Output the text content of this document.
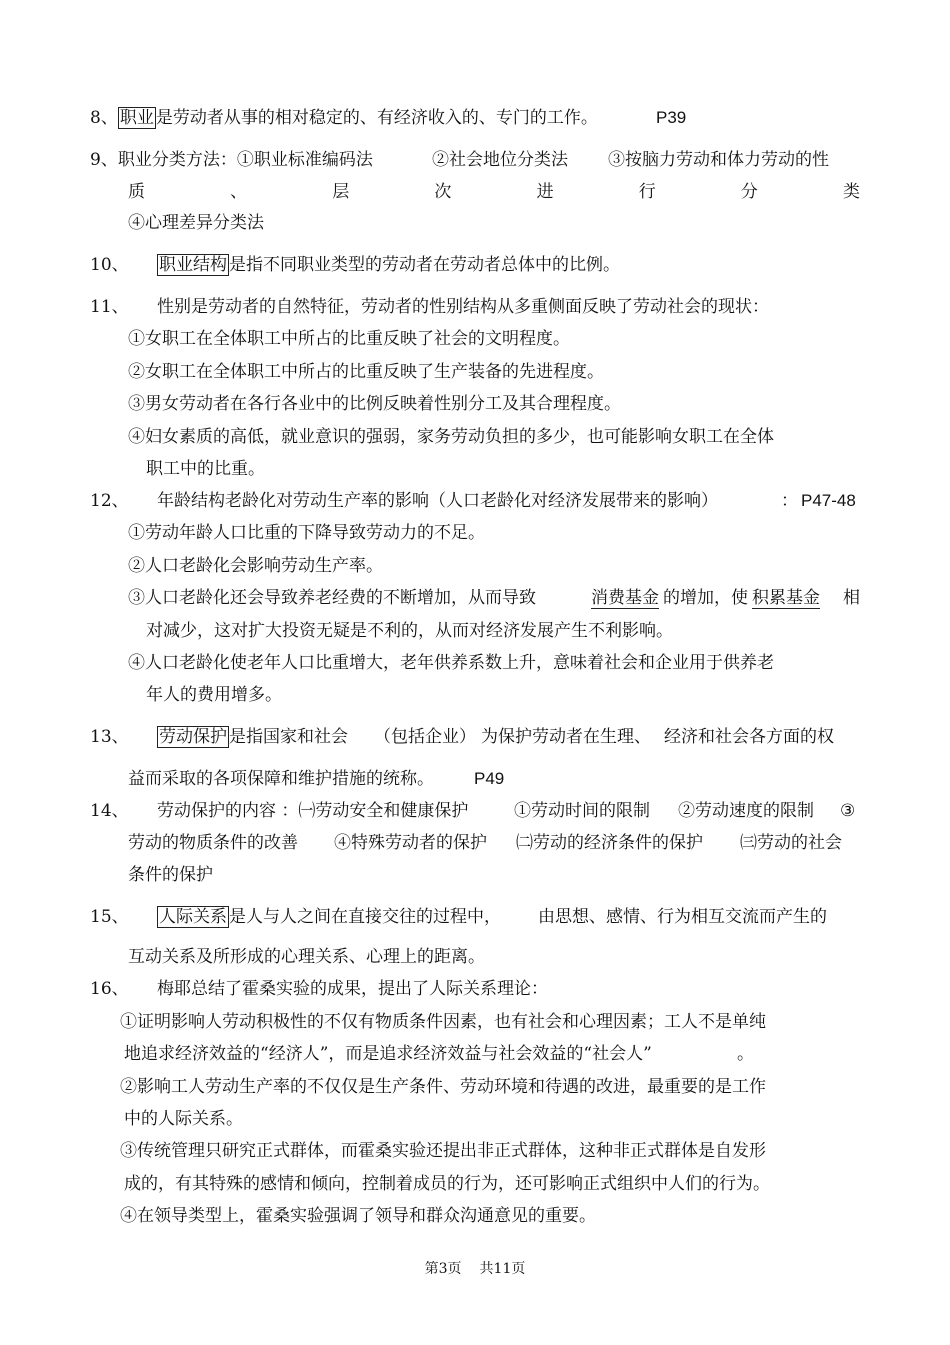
8、 职业 是劳动者从事的相对稳定的、有经济收入的、专门的工作。	P39
9、职业分类方法：①职业标准编码法	②社会地位分类法 ③按脑力劳动和体力劳动的性
质	、	层	次	进	行	分	类
④心理差异分类法
10、 职业结构 是指不同职业类型的劳动者在劳动者总体中的比例。
11、 性别是劳动者的自然特征，劳动者的性别结构从多重侧面反映了劳动社会的现状：
①女职工在全体职工中所占的比重反映了社会的文明程度。
②女职工在全体职工中所占的比重反映了生产装备的先进程度。
③男女劳动者在各行各业中的比例反映着性别分工及其合理程度。
④妇女素质的高低，就业意识的强弱，家务劳动负担的多少，也可能影响女职工在全体
职工中的比重。
12、 年龄结构老龄化对劳动生产率的影响（人口老龄化对经济发展带来的影响）	： P47-48
①劳动年龄人口比重的下降导致劳动力的不足。
②人口老龄化会影响劳动生产率。
③人口老龄化还会导致养老经费的不断增加，从而导致	消费基金 的增加，使 积累基金 相
对减少，这对扩大投资无疑是不利的，从而对经济发展产生不利影响。
④人口老龄化使老年人口比重增大，老年供养系数上升，意味着社会和企业用于供养老
年人的费用增多。
13、 劳动保护 是指国家和社会 （包括企业） 为保护劳动者在生理、 经济和社会各方面的权
益而采取的各项保障和维护措施的统称。 P49
14、 劳动保护的内容 ：㈠劳动安全和健康保护	①劳动时间的限制 ②劳动速度的限制 ③
劳动的物质条件的改善 ④特殊劳动者的保护 ㈡劳动的经济条件的保护 ㈢劳动的社会
条件的保护
15、 人际关系 是人与人之间在直接交往的过程中， 由思想、感情、行为相互交流而产生的
互动关系及所形成的心理关系、心理上的距离。
16、 梅耶总结了霍桑实验的成果，提出了人际关系理论：
①证明影响人劳动积极性的不仅有物质条件因素，也有社会和心理因素；工人不是单纯
地追求经济效益的“经济人”，而是追求经济效益与社会效益的“社会人”	。
②影响工人劳动生产率的不仅仅是生产条件、劳动环境和待遇的改进，最重要的是工作
中的人际关系。
③传统管理只研究正式群体，而霍桑实验还提出非正式群体，这种非正式群体是自发形
成的，有其特殊的感情和倾向，控制着成员的行为，还可影响正式组织中人们的行为。
④在领导类型上，霍桑实验强调了领导和群众沟通意见的重要。
第3页 共11页
